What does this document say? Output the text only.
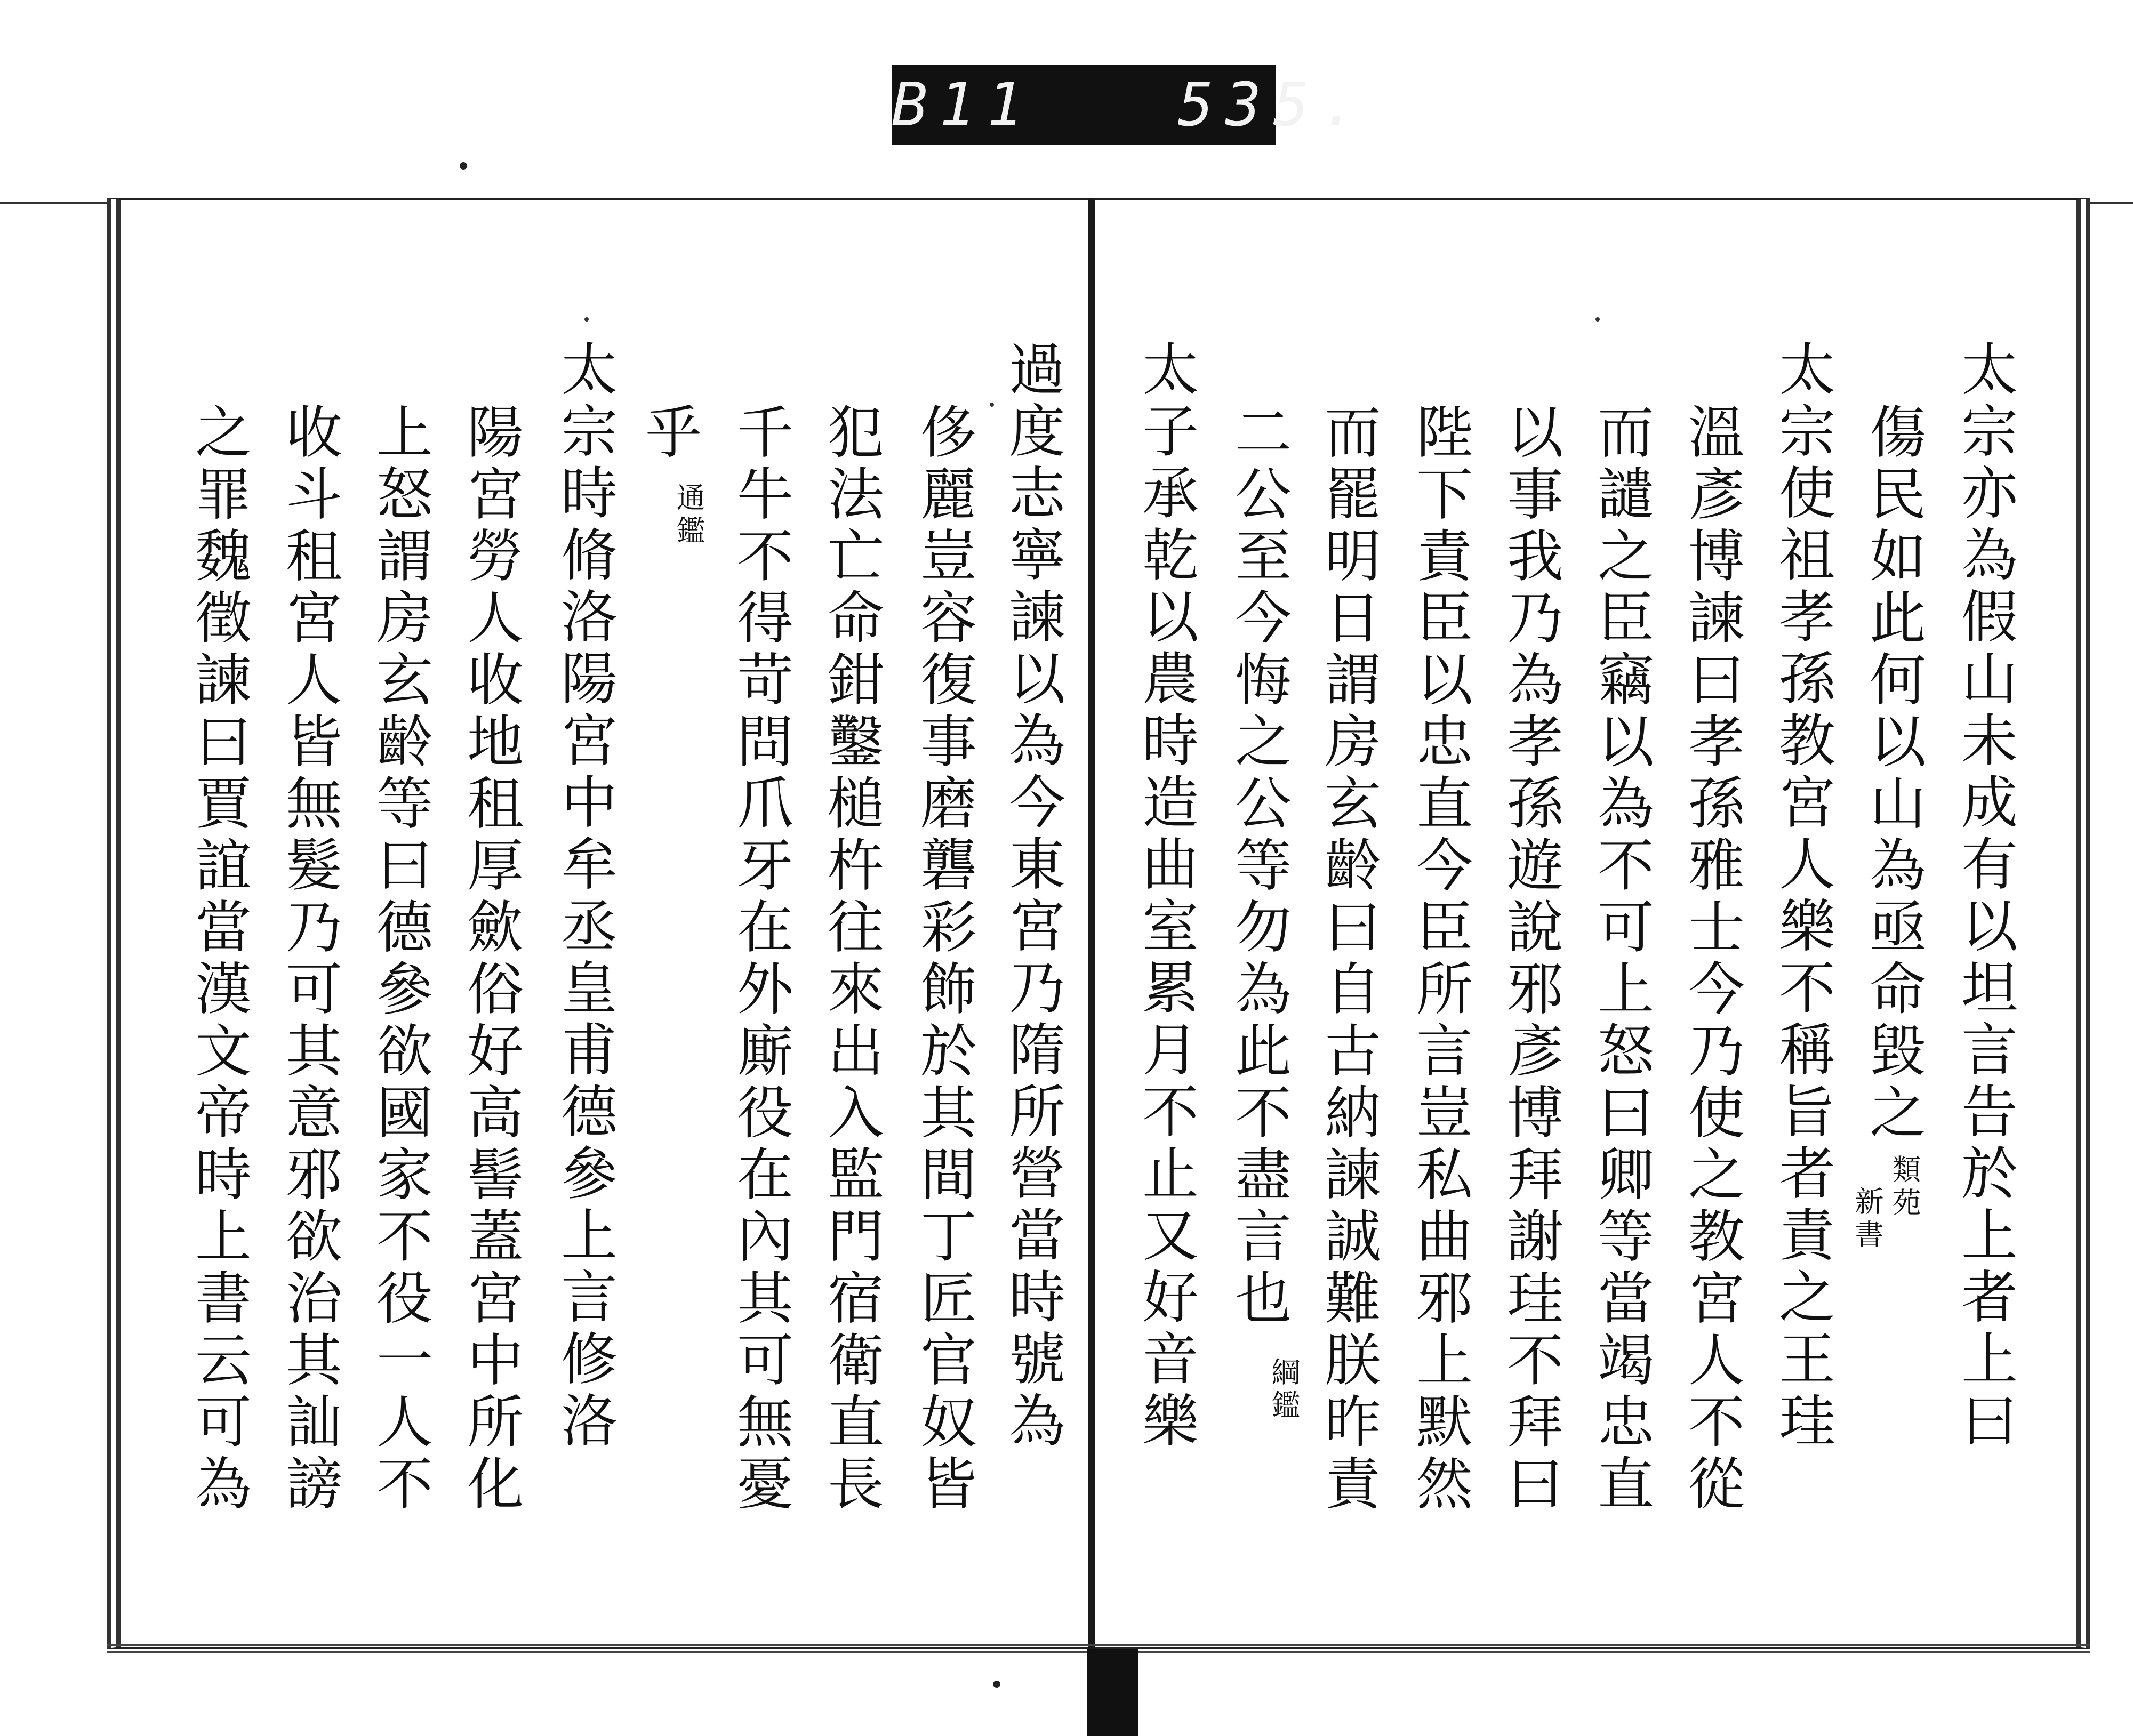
B11   535.
過度志寧諫以為今東宮乃隋所營當時號為
侈麗豈容復事磨礱彩飾於其間丁匠官奴皆
犯法亡命鉗鑿槌杵往來出入監門宿衛直長
千牛不得苛問爪牙在外廝役在內其可無憂
乎
通鑑
太宗時脩洛陽宮中牟丞皇甫德參上言修洛
陽宮勞人收地租厚歛俗好高髻蓋宮中所化
上怒謂房玄齡等曰德參欲國家不役一人不
收斗租宮人皆無髮乃可其意邪欲治其訕謗
之罪魏徵諫曰賈誼當漢文帝時上書云可為	太宗亦為假山未成有以坦言告於上者上曰
傷民如此何以山為亟命毀之
新書 類苑
太宗使祖孝孫教宮人樂不稱旨者責之王珪
溫彥博諫曰孝孫雅士今乃使之教宮人不從
而譴之臣竊以為不可上怒曰卿等當竭忠直
以事我乃為孝孫遊說邪彥博拜謝珪不拜曰
陛下責臣以忠直今臣所言豈私曲邪上默然
而罷明日謂房玄齡曰自古納諫誠難朕昨責
二公至今悔之公等勿為此不盡言也
綱鑑
太子承乾以農時造曲室累月不止又好音樂
